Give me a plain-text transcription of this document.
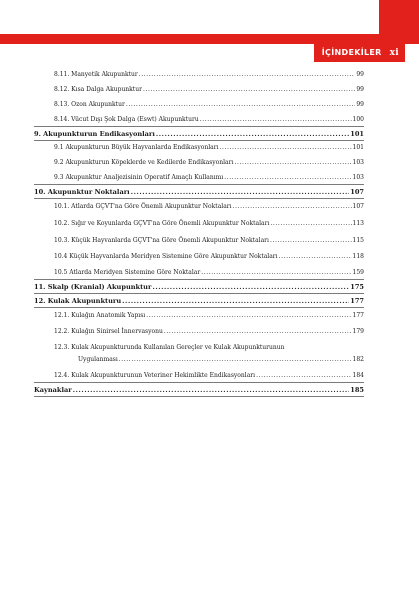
İÇİNDEKİLER xi
8.11. Manyetik Akupunktur .....	99
8.12. Kısa Dalga Akupunktur .....	99
8.13. Ozon Akupunktur .....	99
8.14. Vücut Dışı Şok Dalga (Eswt) Akupunkturu .....	100
9. Akupunkturun Endikasyonları .....	101
9.1 Akupunkturun Büyük Hayvanlarda Endikasyonları .....	101
9.2 Akupunkturun Köpeklerde ve Kedilerde Endikasyonları .....	103
9.3 Akupunktur Analjezisinin Operatif Amaçlı Kullanımı .....	103
10. Akupunktur Noktaları .....	107
10.1. Atlarda GÇVT'na Göre Önemli Akupunktur Noktaları .....	107
10.2. Sığır ve Koyunlarda GÇVT'na Göre Önemli Akupunktur Noktaları .....	113
10.3. Küçük Hayvanlarda GÇVT'na Göre Önemli Akupunktur Noktaları .....	115
10.4 Küçük Hayvanlarda Meridyen Sistemine Göre Akupunktur Noktaları .....	118
10.5 Atlarda Meridyen Sistemine Göre Noktalar .....	159
11. Skalp (Kranial) Akupunktur .....	175
12. Kulak Akupunkturu .....	177
12.1. Kulağın Anatomik Yapısı .....	177
12.2. Kulağın Sinirsel İnnervasyonu .....	179
12.3. Kulak Akupunkturunda Kullanılan Gereçler ve Kulak Akupunkturunun
Uygulanması .....	182
12.4. Kulak Akupunkturunun Veteriner Hekimlikte Endikasyonları .....	184
Kaynaklar .....	185
